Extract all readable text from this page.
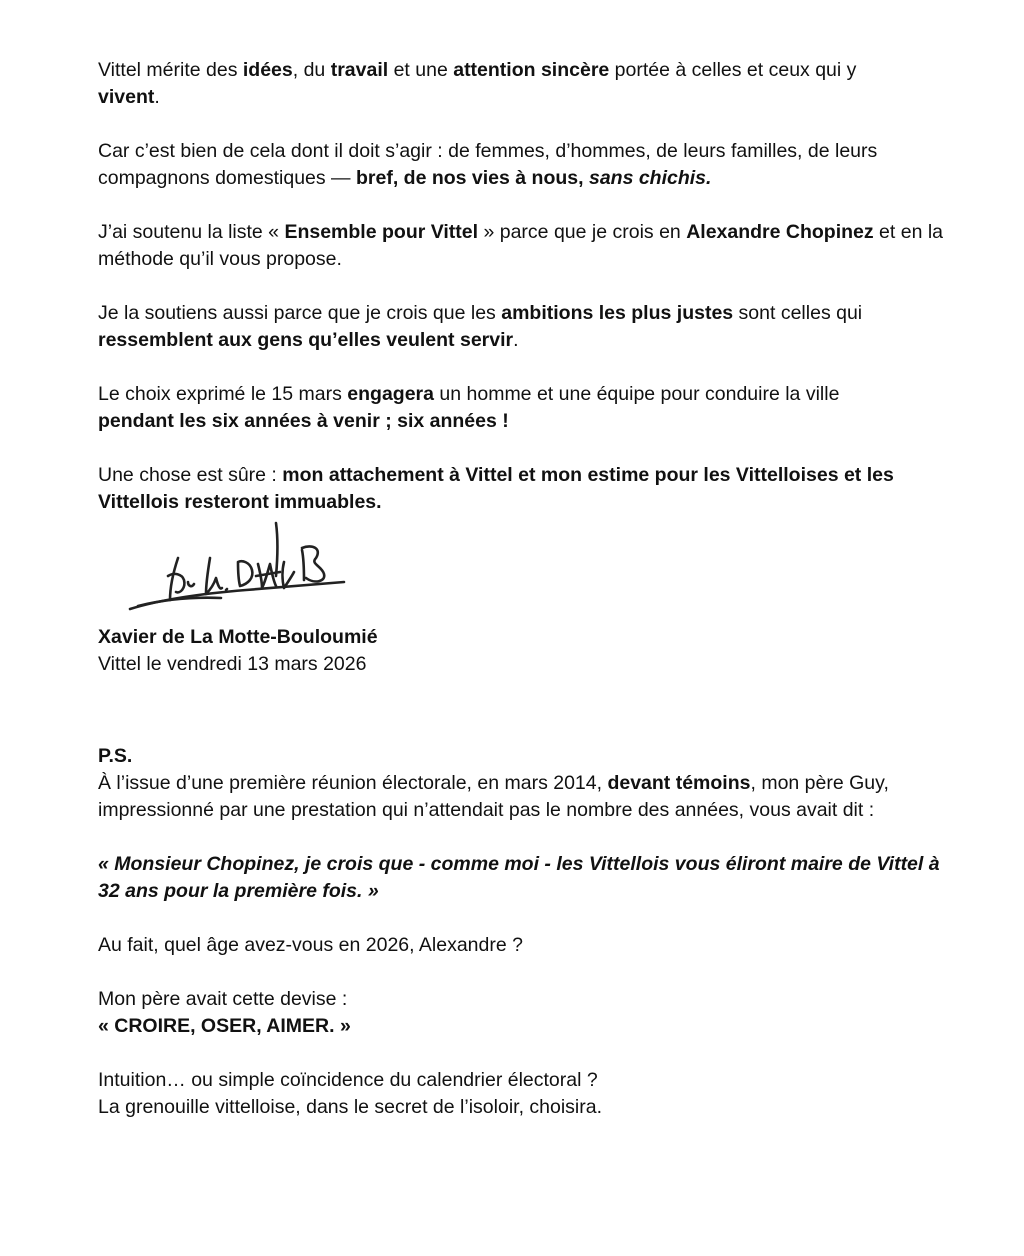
Vittel mérite des idées, du travail et une attention sincère portée à celles et ceux qui y
vivent.

Car c’est bien de cela dont il doit s’agir : de femmes, d’hommes, de leurs familles, de leurs compagnons domestiques — bref, de nos vies à nous, sans chichis.

J’ai soutenu la liste « Ensemble pour Vittel » parce que je crois en Alexandre Chopinez et en la méthode qu’il vous propose.

Je la soutiens aussi parce que je crois que les ambitions les plus justes sont celles qui
ressemblent aux gens qu’elles veulent servir.

Le choix exprimé le 15 mars engagera un homme et une équipe pour conduire la ville
pendant les six années à venir ; six années !

Une chose est sûre : mon attachement à Vittel et mon estime pour les Vittelloises et les Vittellois resteront immuables.

Xavier de La Motte-Bouloumié
Vittel le vendredi 13 mars 2026
P.S.

À l’issue d’une première réunion électorale, en mars 2014, devant témoins, mon père Guy, impressionné par une prestation qui n’attendait pas le nombre des années, vous avait dit :

« Monsieur Chopinez, je crois que - comme moi - les Vittellois vous éliront maire de Vittel à 32 ans pour la première fois. »

Au fait, quel âge avez-vous en 2026, Alexandre ?

Mon père avait cette devise :
« CROIRE, OSER, AIMER. »

Intuition… ou simple coïncidence du calendrier électoral ?
La grenouille vittelloise, dans le secret de l’isoloir, choisira.
